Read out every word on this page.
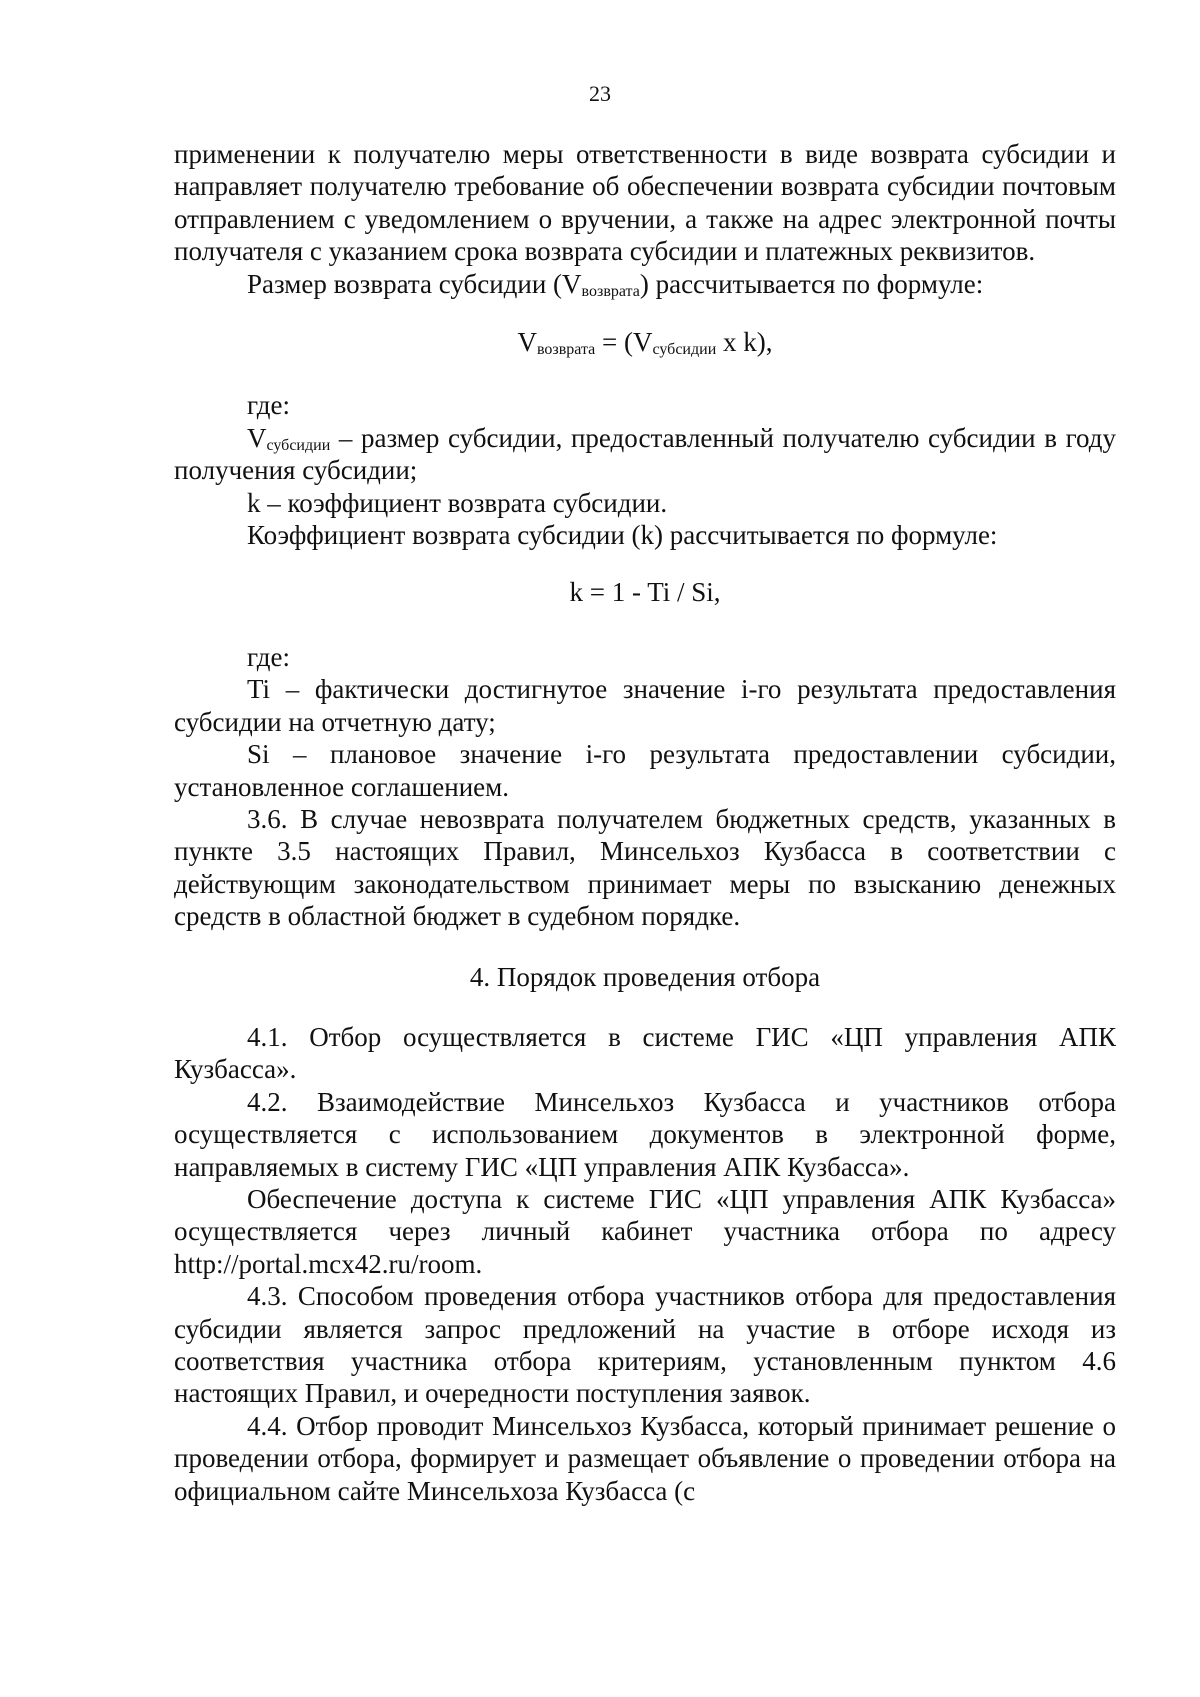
23

применении к получателю меры ответственности в виде возврата субсидии и направляет получателю требование об обеспечении возврата субсидии почтовым отправлением с уведомлением о вручении, а также на адрес электронной почты получателя с указанием срока возврата субсидии и платежных реквизитов.

Размер возврата субсидии $(V_{возврата})$ рассчитывается по формуле:

$V_{возврата} = (V_{субсидии}$ x k),

где:

$V_{субсидии}$ – размер субсидии, предоставленный получателю субсидии в году получения субсидии;

k – коэффициент возврата субсидии.

Коэффициент возврата субсидии (k) рассчитывается по формуле:

k = 1 - Ti / Si,

где:

Ti – фактически достигнутое значение i-го результата предоставления субсидии на отчетную дату;

Si – плановое значение i-го результата предоставлении субсидии, установленное соглашением.

3.6. В случае невозврата получателем бюджетных средств, указанных в пункте 3.5 настоящих Правил, Минсельхоз Кузбасса в соответствии с действующим законодательством принимает меры по взысканию денежных средств в областной бюджет в судебном порядке.

4. Порядок проведения отбора

4.1. Отбор осуществляется в системе ГИС «ЦП управления АПК Кузбасса».

4.2. Взаимодействие Минсельхоз Кузбасса и участников отбора осуществляется с использованием документов в электронной форме, направляемых в систему ГИС «ЦП управления АПК Кузбасса».

Обеспечение доступа к системе ГИС «ЦП управления АПК Кузбасса» осуществляется через личный кабинет участника отбора по адресу http://portal.mcx42.ru/room.

4.3. Способом проведения отбора участников отбора для предоставления субсидии является запрос предложений на участие в отборе исходя из соответствия участника отбора критериям, установленным пунктом 4.6 настоящих Правил, и очередности поступления заявок.

4.4. Отбор проводит Минсельхоз Кузбасса, который принимает решение о проведении отбора, формирует и размещает объявление о проведении отбора на официальном сайте Минсельхоза Кузбасса (с
